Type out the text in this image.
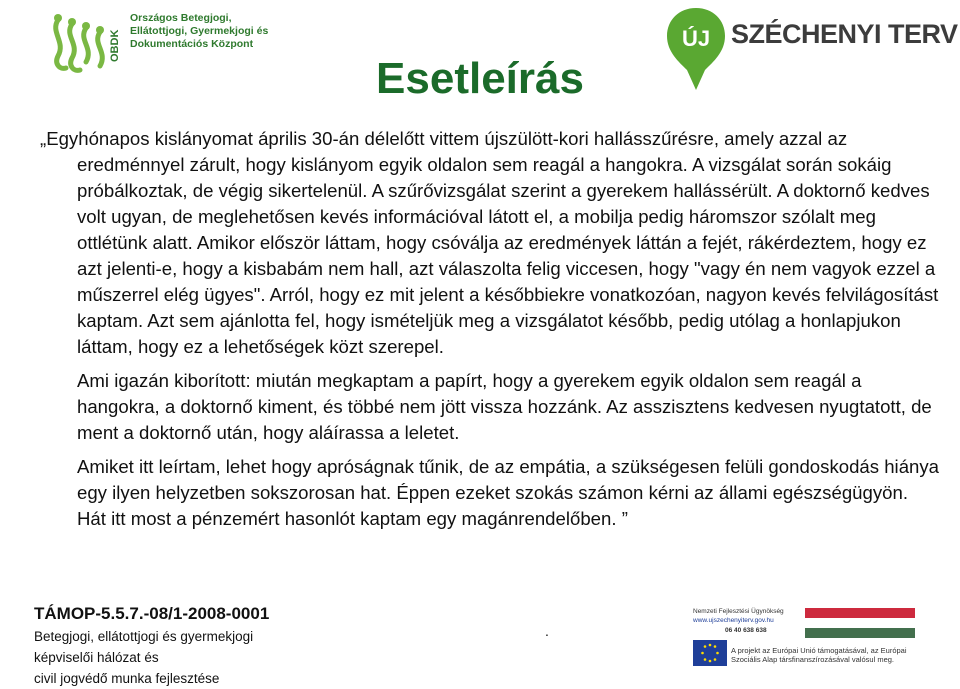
OBDK
Országos Betegjogi,
Ellátottjogi, Gyermekjogi és
Dokumentációs Központ	ÚJ SZÉCHENYI TERV
Esetleírás

„Egyhónapos kislányomat április 30-án délelőtt vittem újszülött-kori hallásszűrésre, amely azzal az eredménnyel zárult, hogy kislányom egyik oldalon sem reagál a hangokra. A vizsgálat során sokáig próbálkoztak, de végig sikertelenül. A szűrővizsgálat szerint a gyerekem hallássérült. A doktornő kedves volt ugyan, de meglehetősen kevés információval látott el, a mobilja pedig háromszor szólalt meg ottlétünk alatt. Amikor először láttam, hogy csóválja az eredmények láttán a fejét, rákérdeztem, hogy ez azt jelenti-e, hogy a kisbabám nem hall, azt válaszolta felig viccesen, hogy "vagy én nem vagyok ezzel a műszerrel elég ügyes". Arról, hogy ez mit jelent a későbbiekre vonatkozóan, nagyon kevés felvilágosítást kaptam. Azt sem ajánlotta fel, hogy ismételjük meg a vizsgálatot később, pedig utólag a honlapjukon láttam, hogy ez a lehetőségek közt szerepel.

Ami igazán kiborított: miután megkaptam a papírt, hogy a gyerekem egyik oldalon sem reagál a hangokra, a doktornő kiment, és többé nem jött vissza hozzánk. Az asszisztens kedvesen nyugtatott, de ment a doktornő után, hogy aláírassa a leletet.

Amiket itt leírtam, lehet hogy apróságnak tűnik, de az empátia, a szükségesen felüli gondoskodás hiánya egy ilyen helyzetben sokszorosan hat. Éppen ezeket szokás számon kérni az állami egészségügyön. Hát itt most a pénzemért hasonlót kaptam egy magánrendelőben. ”

TÁMOP-5.5.7.-08/1-2008-0001
Betegjogi, ellátottjogi és gyermekjogi
képviselői hálózat és
civil jogvédő munka fejlesztése
.
Nemzeti Fejlesztési Ügynökség
www.ujszechenyiterv.gov.hu
06 40 638 638
A projekt az Európai Unió támogatásával, az Európai
Szociális Alap társfinanszírozásával valósul meg.
